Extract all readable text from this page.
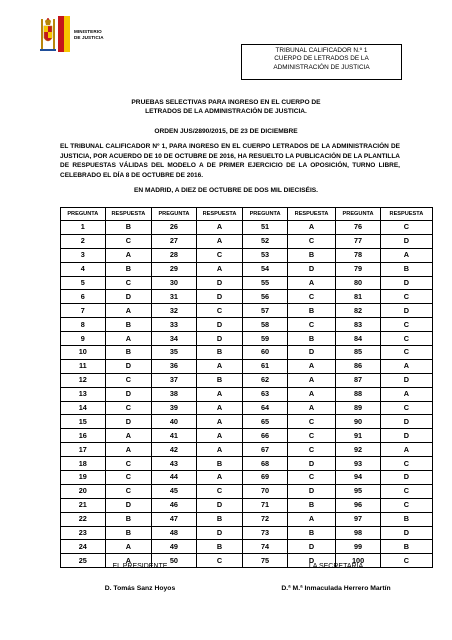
MINISTERIO
DE JUSTICIA
TRIBUNAL CALIFICADOR N.º 1
CUERPO DE LETRADOS DE LA
ADMINISTRACIÓN DE JUSTICIA
PRUEBAS SELECTIVAS PARA INGRESO EN EL CUERPO DE
LETRADOS DE LA ADMINISTRACIÓN DE JUSTICIA.
ORDEN JUS/2890/2015, DE 23 DE DICIEMBRE
EL TRIBUNAL CALIFICADOR Nº 1, PARA INGRESO EN EL CUERPO LETRADOS DE LA ADMINISTRACIÓN DE JUSTICIA, POR ACUERDO DE 10 DE OCTUBRE DE 2016, HA RESUELTO LA PUBLICACIÓN DE LA PLANTILLA DE RESPUESTAS VÁLIDAS DEL MODELO A DE PRIMER EJERCICIO DE LA OPOSICIÓN, TURNO LIBRE, CELEBRADO EL DÍA 8 DE OCTUBRE DE 2016.
EN MADRID, A DIEZ DE OCTUBRE DE DOS MIL DIECISÉIS.
PREGUNTA	RESPUESTA	PREGUNTA	RESPUESTA	PREGUNTA	RESPUESTA	PREGUNTA	RESPUESTA
1	B	26	A	51	A	76	C
2	C	27	A	52	C	77	D
3	A	28	C	53	B	78	A
4	B	29	A	54	D	79	B
5	C	30	D	55	A	80	D
6	D	31	D	56	C	81	C
7	A	32	C	57	B	82	D
8	B	33	D	58	C	83	C
9	A	34	D	59	B	84	C
10	B	35	B	60	D	85	C
11	D	36	A	61	A	86	A
12	C	37	B	62	A	87	D
13	D	38	A	63	A	88	A
14	C	39	A	64	A	89	C
15	D	40	A	65	C	90	D
16	A	41	A	66	C	91	D
17	A	42	A	67	C	92	A
18	C	43	B	68	D	93	C
19	C	44	A	69	C	94	D
20	C	45	C	70	D	95	C
21	D	46	D	71	B	96	C
22	B	47	B	72	A	97	B
23	B	48	D	73	B	98	D
24	A	49	B	74	D	99	B
25	A	50	C	75	D	100	C
EL PRESIDENTE	LA SECRETARIA
D. Tomás Sanz Hoyos	D.ª M.ª Inmaculada Herrero Martín
